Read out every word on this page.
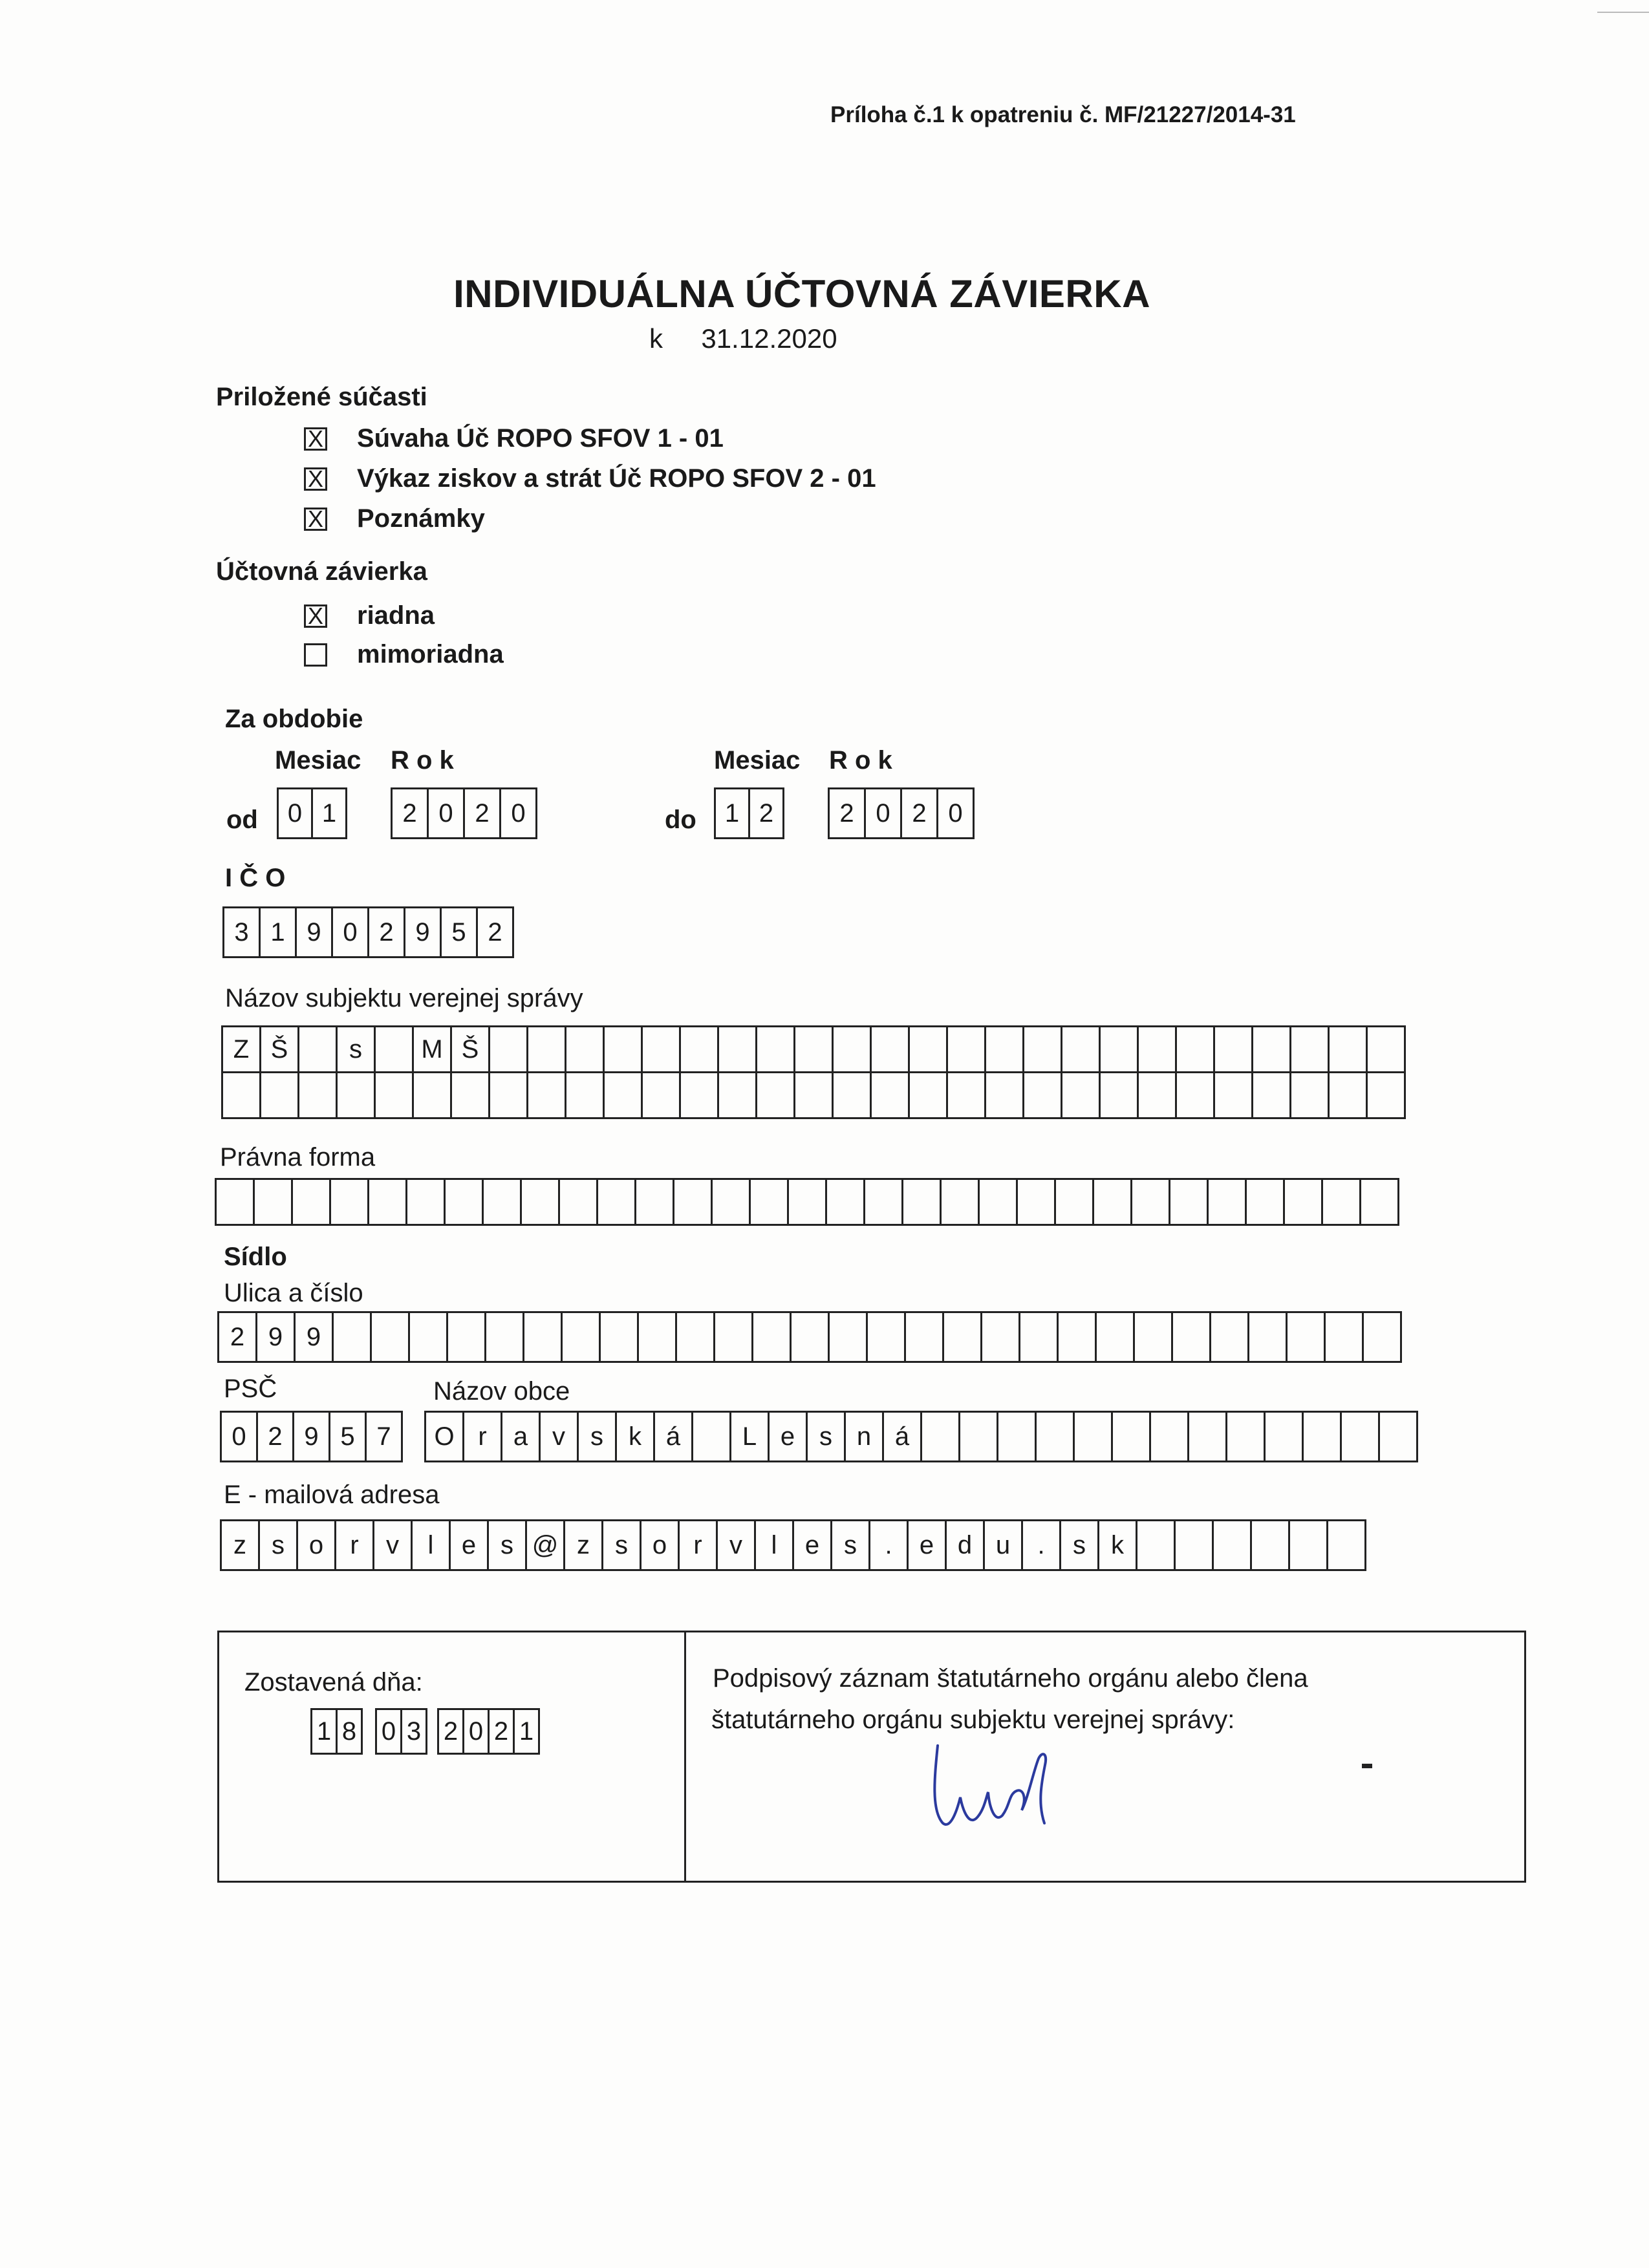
Príloha č.1 k opatreniu č. MF/21227/2014-31
INDIVIDUÁLNA ÚČTOVNÁ ZÁVIERKA
k 31.12.2020
Priložené súčasti
X Súvaha Úč ROPO SFOV 1 - 01
X Výkaz ziskov a strát Úč ROPO SFOV 2 - 01
X Poznámky
Účtovná závierka
X riadna
mimoriadna
Za obdobie
Mesiac R o k	Mesiac R o k
od	do
0 1	2 0 2 0	1 2	2 0 2 0
I Č O
3 1 9 0 2 9 5 2
Názov subjektu verejnej správy
Z Š	s	M Š
Právna forma
Sídlo
Ulica a číslo
2 9 9
PSČ	Názov obce
0 2 9 5 7	O r	a v s k á	L e s n á
E - mailová adresa
z s o	r	v	l	e s @ z s o	r	v	l	e s	.	e d u	.	s k
Zostavená dňa:
1 8 0 3 2 0 2 1
Podpisový záznam štatutárneho orgánu alebo člena
štatutárneho orgánu subjektu verejnej správy:
